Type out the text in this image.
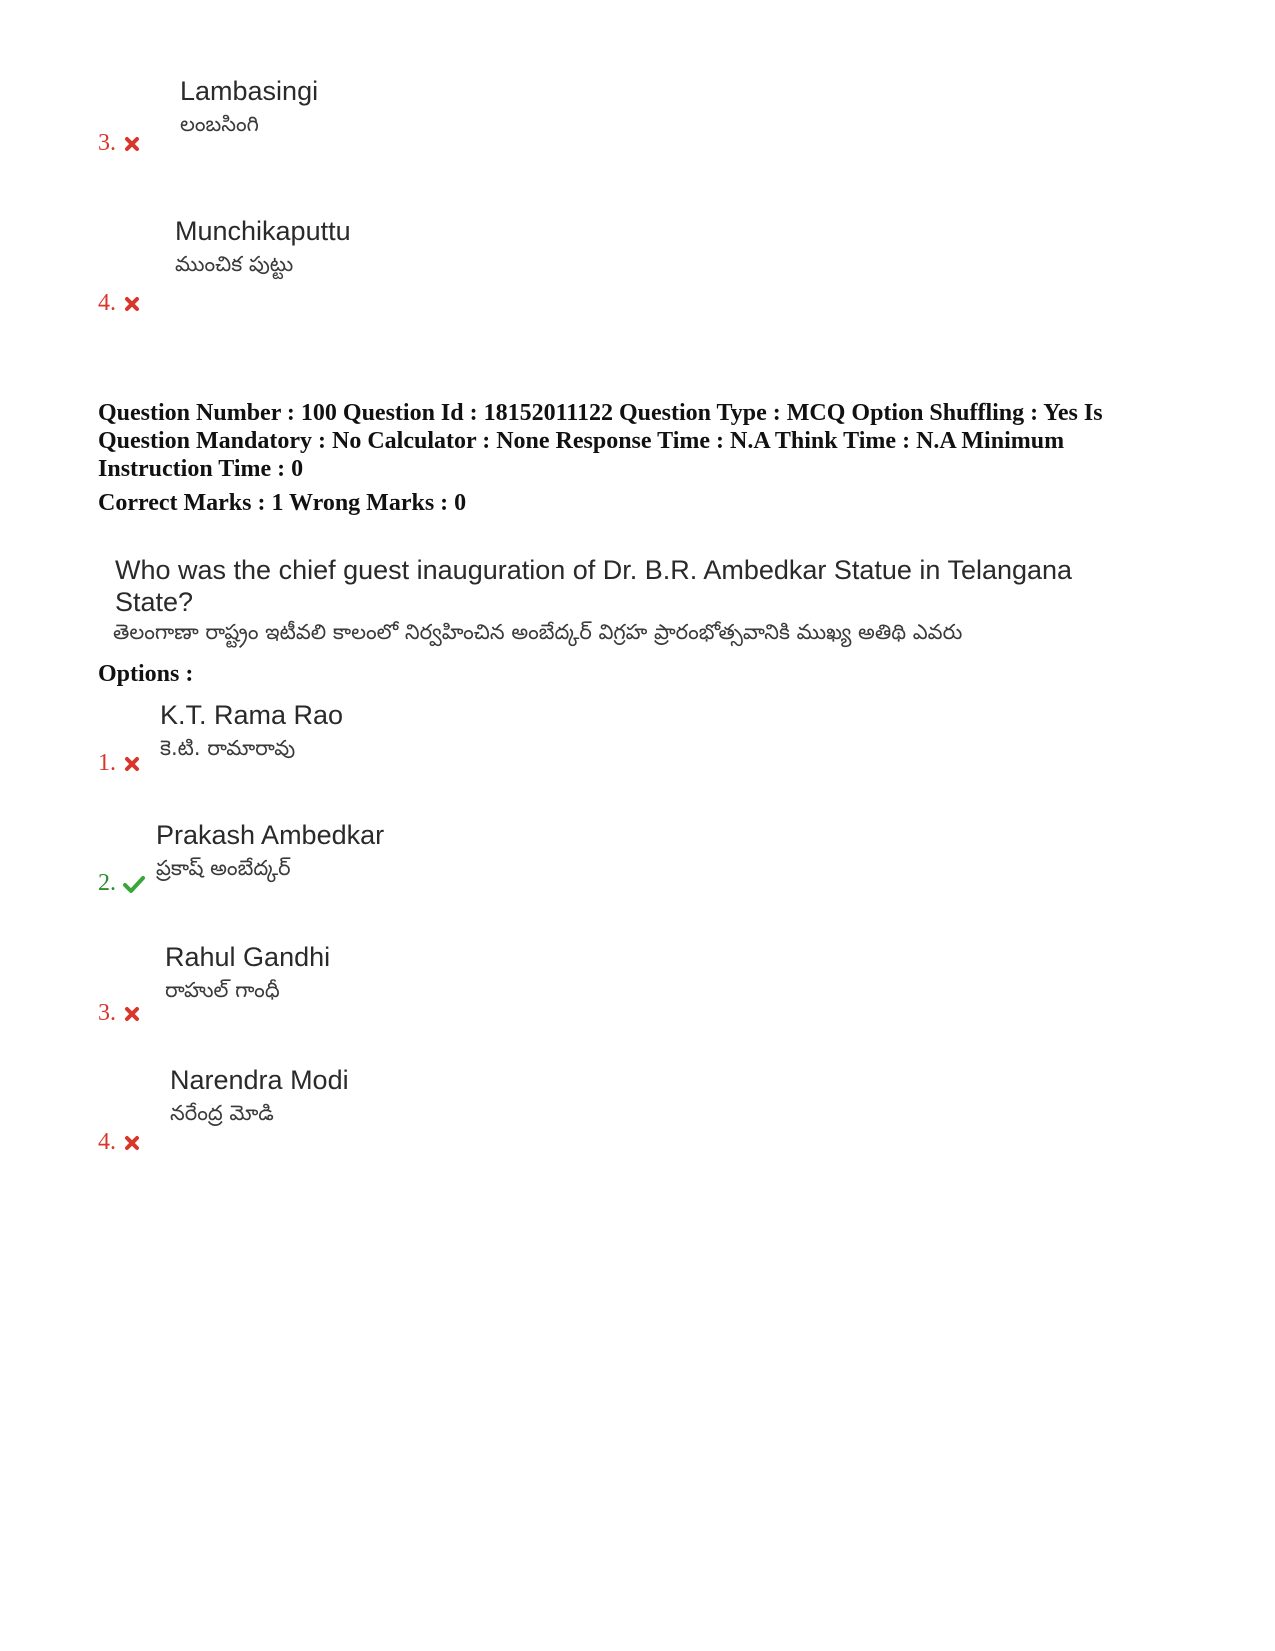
Lambasingi
లంబసింగి
3.
Munchikaputtu
ముంచిక పుట్టు
4.
Question Number : 100 Question Id : 18152011122 Question Type : MCQ Option Shuffling : Yes Is Question Mandatory : No Calculator : None Response Time : N.A Think Time : N.A Minimum Instruction Time : 0
Correct Marks : 1 Wrong Marks : 0
Who was the chief guest inauguration of Dr. B.R. Ambedkar Statue in Telangana State?
తెలంగాణా రాష్ట్రం ఇటీవలి కాలంలో నిర్వహించిన అంబేద్కర్ విగ్రహ ప్రారంభోత్సవానికి ముఖ్య అతిథి ఎవరు
Options :
K.T. Rama Rao
కె.టి. రామారావు
1.
Prakash Ambedkar
ప్రకాష్ అంబేద్కర్
2.
Rahul Gandhi
రాహుల్ గాంధీ
3.
Narendra Modi
నరేంద్ర మోడి
4.
